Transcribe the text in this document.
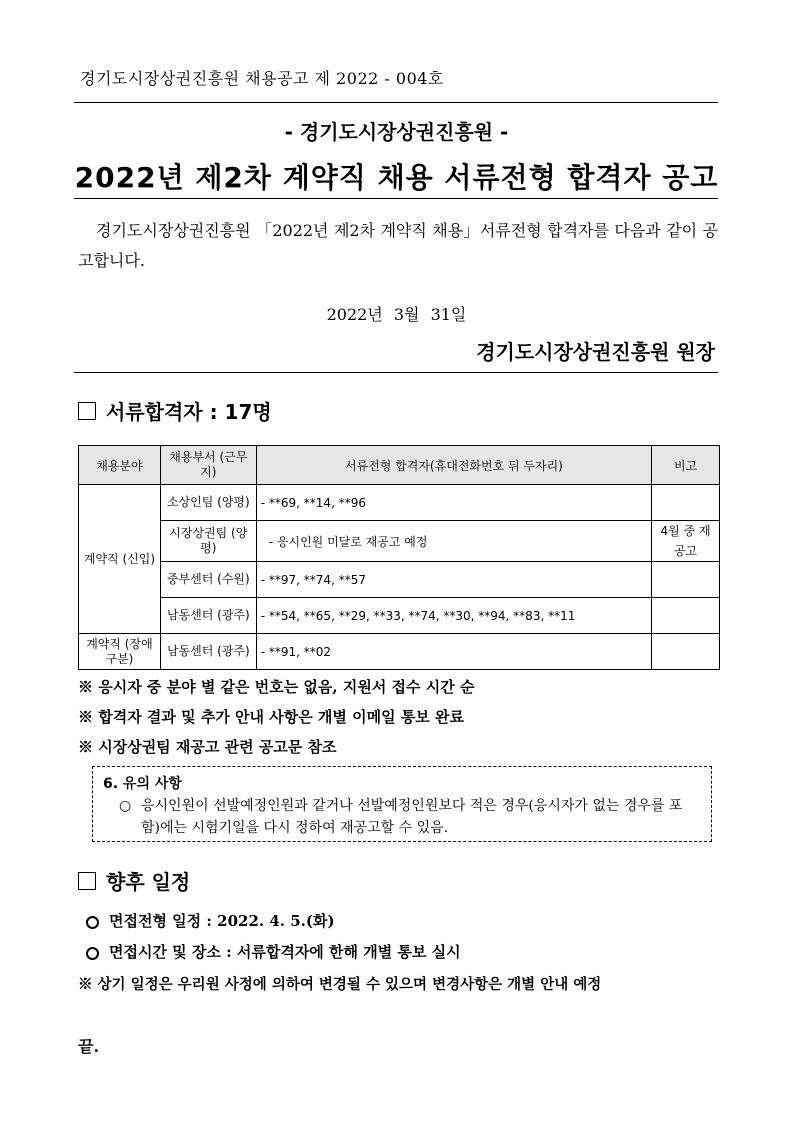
경기도시장상권진흥원 채용공고 제 2022 - 004호
- 경기도시장상권진흥원 -
2022년 제2차 계약직 채용 서류전형 합격자 공고
경기도시장상권진흥원 「2022년 제2차 계약직 채용」서류전형 합격자를 다음과 같이 공고합니다.
2022년 3월 31일
경기도시장상권진흥원 원장
서류합격자 : 17명
채용분야	채용부서 (근무지)	서류전형 합격자(휴대전화번호 뒤 두자리)	비고
계약직 (신입)	소상인팀 (양평)	- **69, **14, **96	
	시장상권팀 (양평)	- 응시인원 미달로 재공고 예정	4월 중 재공고
	중부센터 (수원)	- **97, **74, **57	
	남동센터 (광주)	- **54, **65, **29, **33, **74, **30, **94, **83, **11	
계약직 (장애구분)	남동센터 (광주)	- **91, **02	
※ 응시자 중 분야 별 같은 번호는 없음, 지원서 접수 시간 순
※ 합격자 결과 및 추가 안내 사항은 개별 이메일 통보 완료
※ 시장상권팀 재공고 관련 공고문 참조
6. 유의 사항
○ 응시인원이 선발예정인원과 같거나 선발예정인원보다 적은 경우(응시자가 없는 경우를 포함)에는 시험기일을 다시 정하여 재공고할 수 있음.
향후 일정
면접전형 일정 : 2022. 4. 5.(화)
면접시간 및 장소 : 서류합격자에 한해 개별 통보 실시
※ 상기 일정은 우리원 사정에 의하여 변경될 수 있으며 변경사항은 개별 안내 예정
끝.
